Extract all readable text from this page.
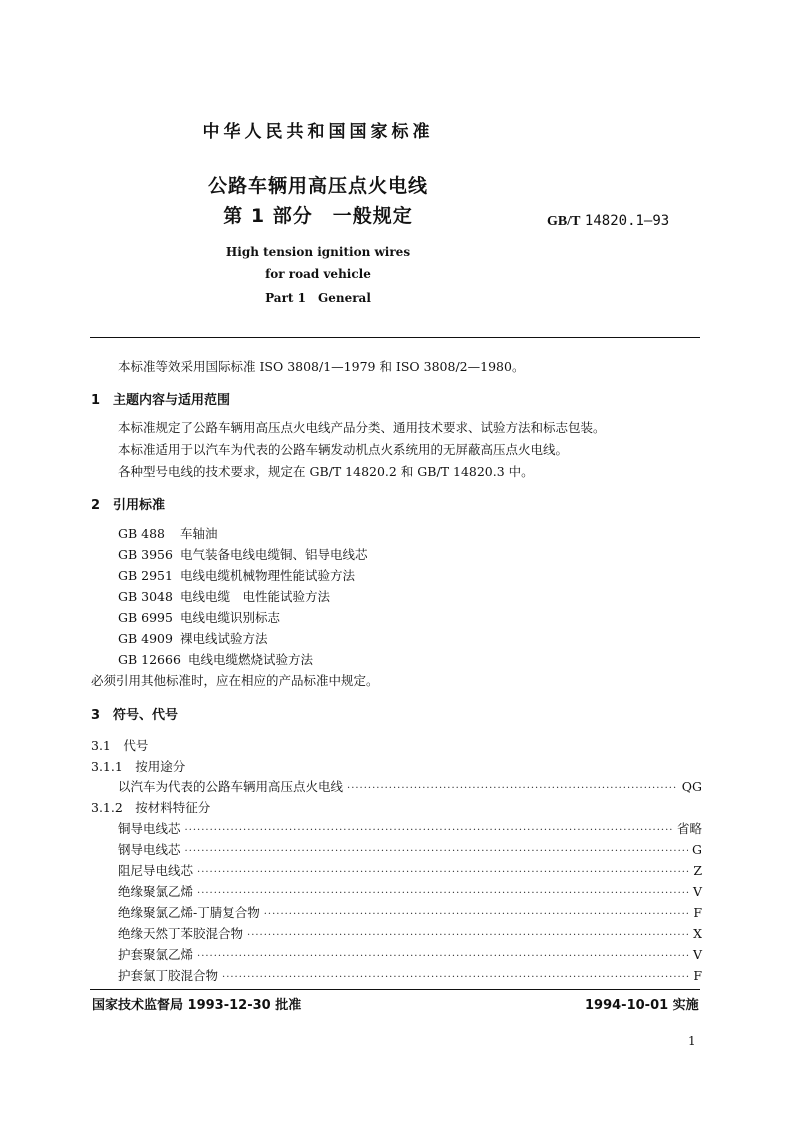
中华人民共和国国家标准
公路车辆用高压点火电线
第 1 部分　一般规定	GB/T 14820.1—93
High tension ignition wires
for road vehicle
Part 1　General
本标准等效采用国际标准 ISO 3808/1—1979 和 ISO 3808/2—1980。
1　主题内容与适用范围
本标准规定了公路车辆用高压点火电线产品分类、通用技术要求、试验方法和标志包装。
本标准适用于以汽车为代表的公路车辆发动机点火系统用的无屏蔽高压点火电线。
各种型号电线的技术要求，规定在 GB/T 14820.2 和 GB/T 14820.3 中。
2　引用标准
GB 488 车轴油
GB 3956 电气装备电线电缆铜、铝导电线芯
GB 2951 电线电缆机械物理性能试验方法
GB 3048 电线电缆　电性能试验方法
GB 6995 电线电缆识别标志
GB 4909 裸电线试验方法
GB 12666 电线电缆燃烧试验方法
必须引用其他标准时，应在相应的产品标准中规定。
3　符号、代号
3.1　代号
3.1.1　按用途分
以汽车为代表的公路车辆用高压点火电线 ·····	QG
3.1.2　按材料特征分
铜导电线芯 ·····	省略
钢导电线芯 ·····	G
阻尼导电线芯 ·····	Z
绝缘聚氯乙烯 ·····	V
绝缘聚氯乙烯-丁腈复合物 ·····	F
绝缘天然丁苯胶混合物 ·····	X
护套聚氯乙烯 ·····	V
护套氯丁胶混合物 ·····	F
国家技术监督局 1993-12-30 批准	1994-10-01 实施
1
